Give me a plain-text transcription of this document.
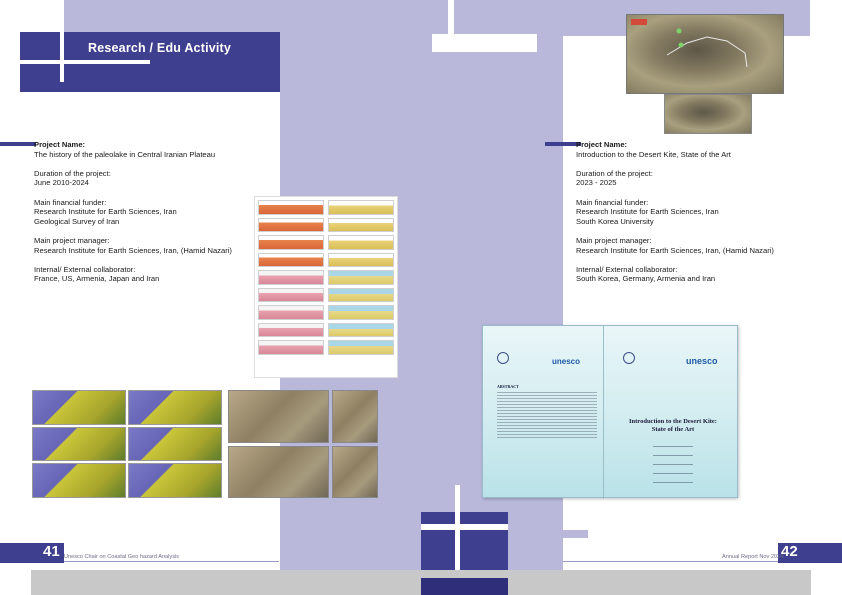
Research / Edu Activity
Project Name:
The history of the paleolake in Central Iranian Plateau
Duration of the project:
June 2010-2024
Main financial funder:
Research Institute for Earth Sciences, Iran
Geological Survey of Iran
Main project manager:
Research Institute for Earth Sciences, Iran, (Hamid Nazari)
Internal/ External collaborator:
France, US, Armenia, Japan and Iran
Project Name:
Introduction to the Desert Kite, State of the Art
Duration of the project:
2023 - 2025
Main financial funder:
Research Institute for Earth Sciences, Iran
South Korea University
Main project manager:
Research Institute for Earth Sciences, Iran, (Hamid Nazari)
Internal/ External collaborator:
South Korea, Germany, Armenia and Iran
unesco
ABSTRACT
unesco
Introduction to the Desert Kite: State of the Art
41 Unesco Chair on Coastal Geo hazard Analysis	42
Annual Report Nov 2024
